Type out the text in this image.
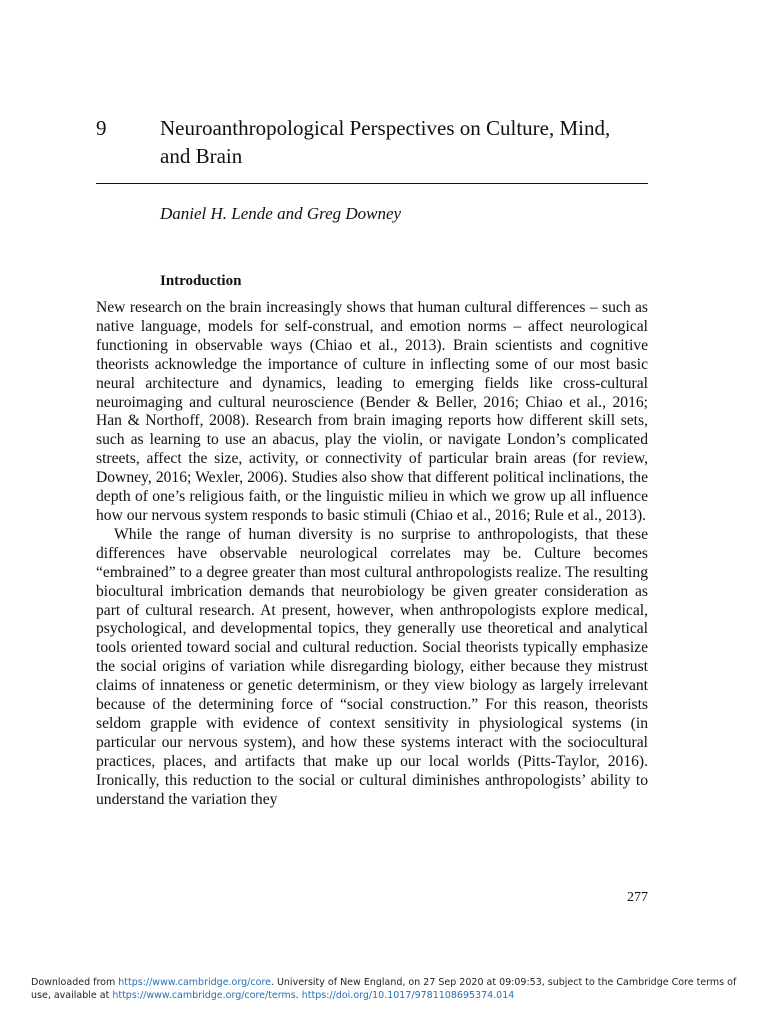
9	Neuroanthropological Perspectives on Culture, Mind, and Brain
Daniel H. Lende and Greg Downey
Introduction

New research on the brain increasingly shows that human cultural differences – such as native language, models for self-construal, and emotion norms – affect neurological functioning in observable ways (Chiao et al., 2013). Brain scientists and cognitive theorists acknowledge the importance of culture in inflecting some of our most basic neural architecture and dynamics, leading to emerging fields like cross-cultural neuroimaging and cultural neuroscience (Bender & Beller, 2016; Chiao et al., 2016; Han & Northoff, 2008). Research from brain imaging reports how different skill sets, such as learning to use an abacus, play the violin, or navigate London’s complicated streets, affect the size, activity, or connectivity of particular brain areas (for review, Downey, 2016; Wexler, 2006). Studies also show that different political inclinations, the depth of one’s religious faith, or the linguistic milieu in which we grow up all influence how our nervous system responds to basic stimuli (Chiao et al., 2016; Rule et al., 2013).

While the range of human diversity is no surprise to anthropologists, that these differences have observable neurological correlates may be. Culture becomes “embrained” to a degree greater than most cultural anthropologists realize. The resulting biocultural imbrication demands that neurobiology be given greater consideration as part of cultural research. At present, however, when anthropologists explore medical, psychological, and developmental topics, they generally use theoretical and analytical tools oriented toward social and cultural reduction. Social theorists typically emphasize the social origins of variation while disregarding biology, either because they mistrust claims of innateness or genetic determinism, or they view biology as largely irrelevant because of the determining force of “social construction.” For this reason, theorists seldom grapple with evidence of context sensitivity in physiological systems (in particular our nervous system), and how these systems interact with the sociocultural practices, places, and artifacts that make up our local worlds (Pitts-Taylor, 2016). Ironically, this reduction to the social or cultural diminishes anthropologists’ ability to understand the variation they

277
Downloaded from https://www.cambridge.org/core. University of New England, on 27 Sep 2020 at 09:09:53, subject to the Cambridge Core terms of use, available at https://www.cambridge.org/core/terms. https://doi.org/10.1017/9781108695374.014
